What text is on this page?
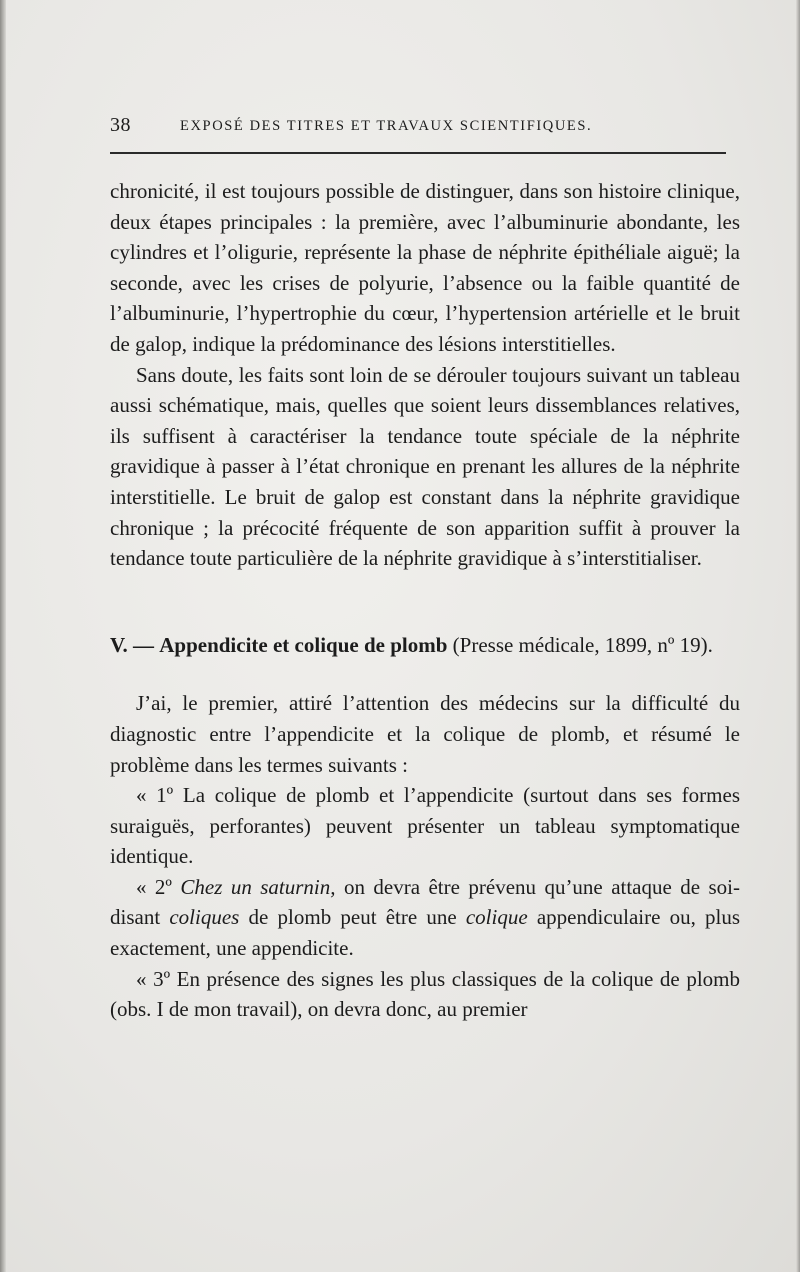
38	EXPOSÉ DES TITRES ET TRAVAUX SCIENTIFIQUES.

chronicité, il est toujours possible de distinguer, dans son histoire clinique, deux étapes principales : la première, avec l’albuminurie abondante, les cylindres et l’oligurie, représente la phase de néphrite épithéliale aiguë; la seconde, avec les crises de polyurie, l’absence ou la faible quantité de l’albuminurie, l’hypertrophie du cœur, l’hypertension artérielle et le bruit de galop, indique la prédominance des lésions interstitielles.

Sans doute, les faits sont loin de se dérouler toujours suivant un tableau aussi schématique, mais, quelles que soient leurs dissemblances relatives, ils suffisent à caractériser la tendance toute spéciale de la néphrite gravidique à passer à l’état chronique en prenant les allures de la néphrite interstitielle. Le bruit de galop est constant dans la néphrite gravidique chronique ; la précocité fréquente de son apparition suffit à prouver la tendance toute particulière de la néphrite gravidique à s’interstitialiser.

V. — Appendicite et colique de plomb (Presse médicale, 1899, nº 19).

J’ai, le premier, attiré l’attention des médecins sur la difficulté du diagnostic entre l’appendicite et la colique de plomb, et résumé le problème dans les termes suivants :

« 1º La colique de plomb et l’appendicite (surtout dans ses formes suraiguës, perforantes) peuvent présenter un tableau symptomatique identique.

« 2º Chez un saturnin, on devra être prévenu qu’une attaque de soi-disant coliques de plomb peut être une colique appendiculaire ou, plus exactement, une appendicite.

« 3º En présence des signes les plus classiques de la colique de plomb (obs. I de mon travail), on devra donc, au premier
